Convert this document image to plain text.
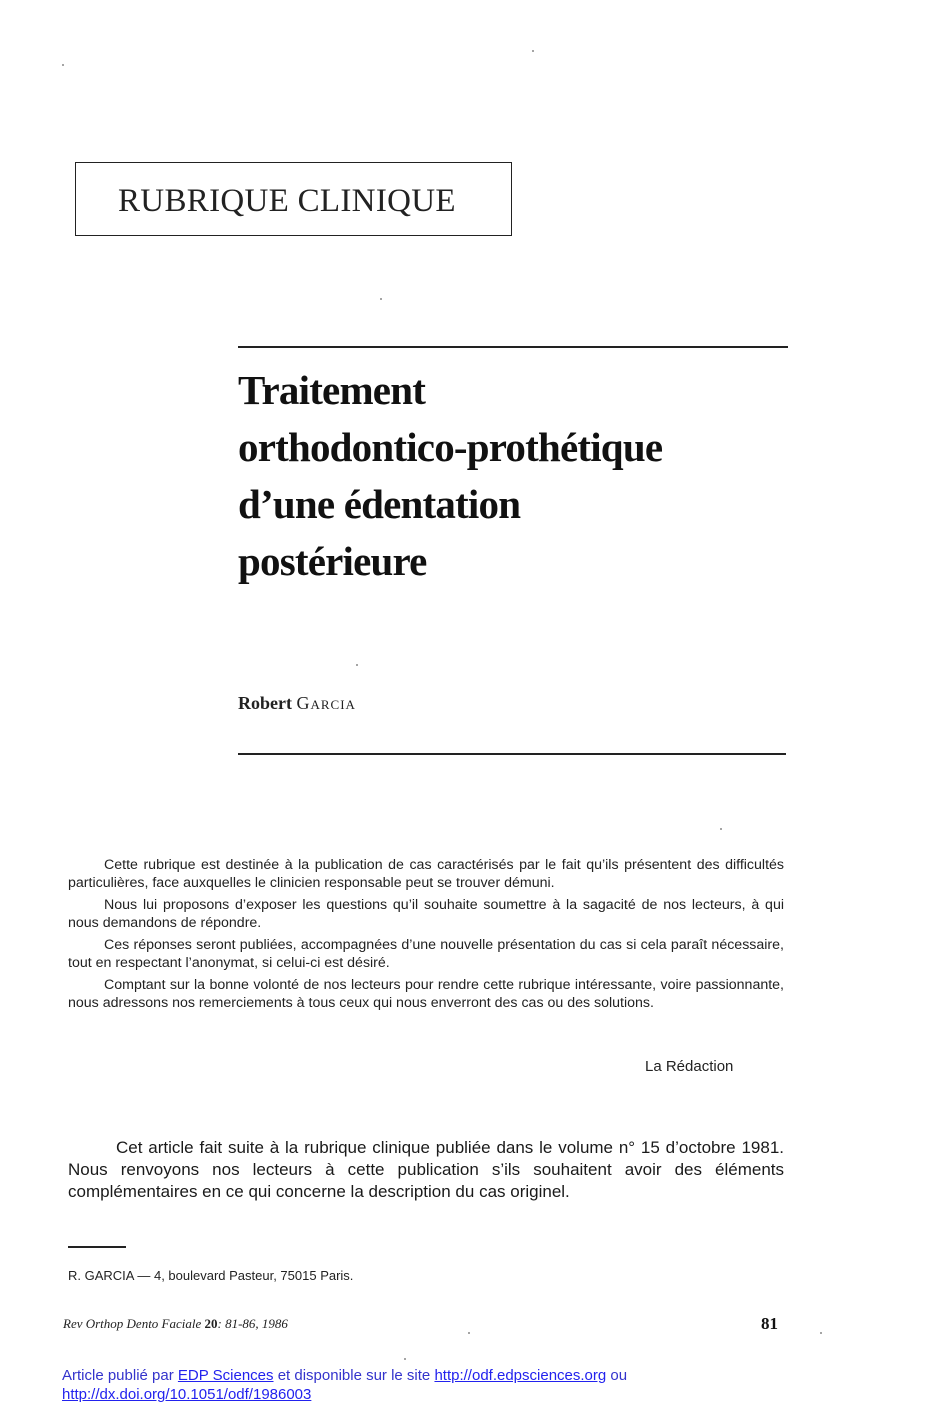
RUBRIQUE CLINIQUE
Traitement
orthodontico-prothétique
d’une édentation
postérieure
Robert Garcia

Cette rubrique est destinée à la publication de cas caractérisés par le fait qu’ils présentent des difficultés particulières, face auxquelles le clinicien responsable peut se trouver démuni.

Nous lui proposons d’exposer les questions qu’il souhaite soumettre à la sagacité de nos lecteurs, à qui nous demandons de répondre.

Ces réponses seront publiées, accompagnées d’une nouvelle présentation du cas si cela paraît nécessaire, tout en respectant l’anonymat, si celui-ci est désiré.

Comptant sur la bonne volonté de nos lecteurs pour rendre cette rubrique intéressante, voire passionnante, nous adressons nos remerciements à tous ceux qui nous enverront des cas ou des solutions.

La Rédaction
Cet article fait suite à la rubrique clinique publiée dans le volume n° 15 d’octobre 1981. Nous renvoyons nos lecteurs à cette publication s’ils souhaitent avoir des éléments complémentaires en ce qui concerne la description du cas originel.
R. GARCIA — 4, boulevard Pasteur, 75015 Paris.
Rev Orthop Dento Faciale 20: 81-86, 1986	81
Article publié par EDP Sciences et disponible sur le site http://odf.edpsciences.org ou
http://dx.doi.org/10.1051/odf/1986003
